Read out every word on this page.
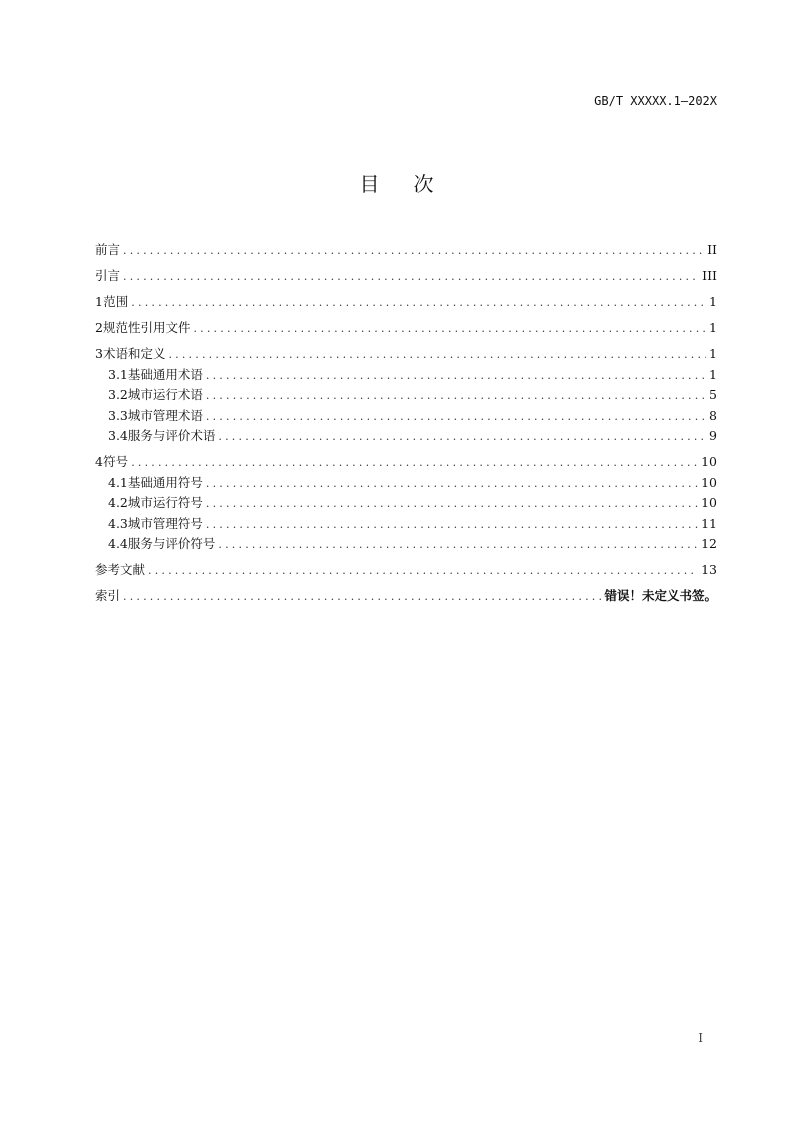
GB/T XXXXX.1—202X
目次
前言 .....	II
引言 .....	III
1 范围 .....	1
2 规范性引用文件 .....	1
3 术语和定义 .....	1
3.1 基础通用术语 .....	1
3.2 城市运行术语 .....	5
3.3 城市管理术语 .....	8
3.4 服务与评价术语 .....	9
4 符号 .....	10
4.1 基础通用符号 .....	10
4.2 城市运行符号 .....	10
4.3 城市管理符号 .....	11
4.4 服务与评价符号 .....	12
参考文献 .....	13
索引 .....	错误！未定义书签。
I
